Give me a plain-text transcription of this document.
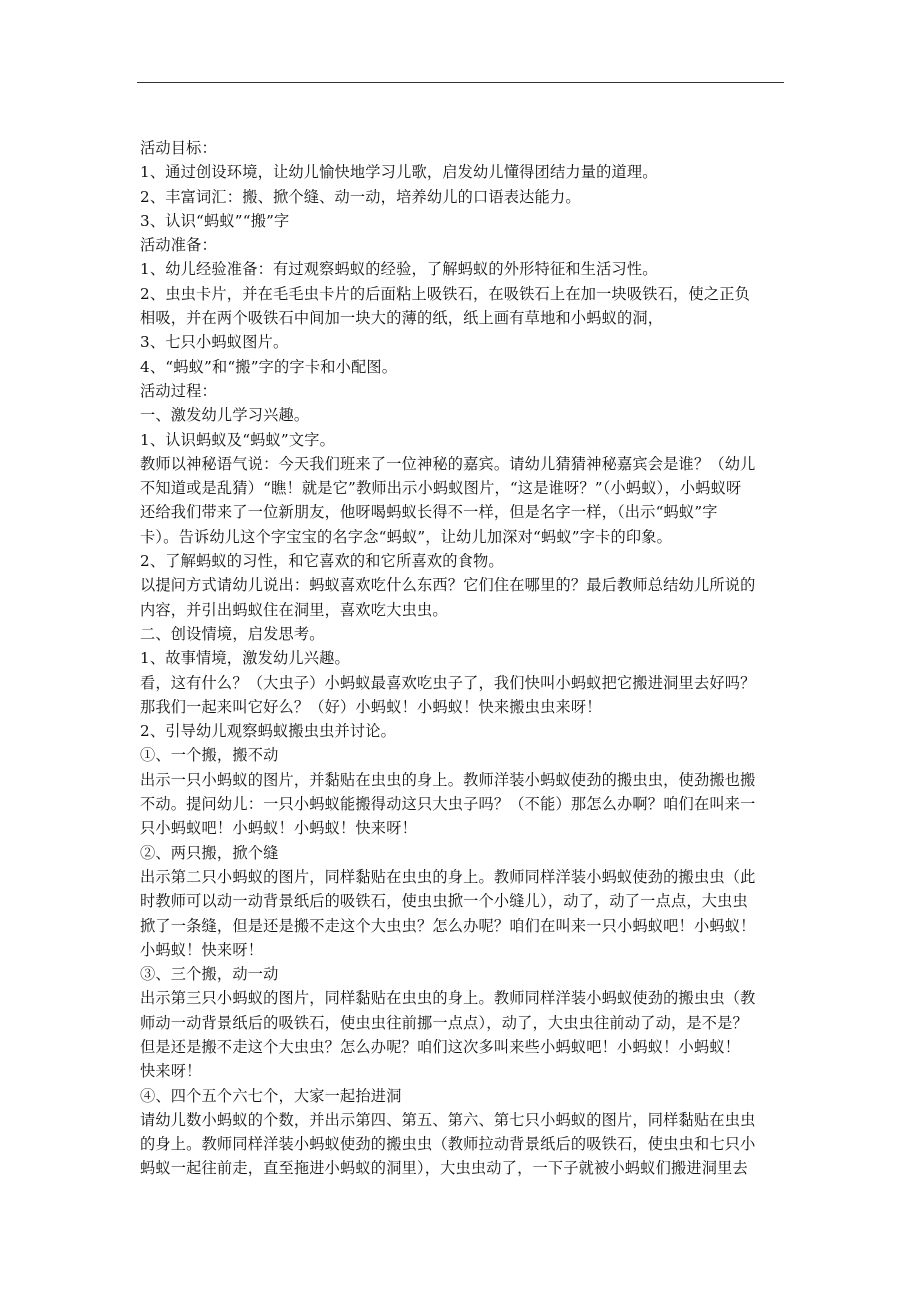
活动目标：

1、通过创设环境，让幼儿愉快地学习儿歌，启发幼儿懂得团结力量的道理。

2、丰富词汇：搬、掀个缝、动一动，培养幼儿的口语表达能力。

3、认识“蚂蚁”“搬”字

活动准备：

1、幼儿经验准备：有过观察蚂蚁的经验，了解蚂蚁的外形特征和生活习性。

2、虫虫卡片，并在毛毛虫卡片的后面粘上吸铁石，在吸铁石上在加一块吸铁石，使之正负

相吸，并在两个吸铁石中间加一块大的薄的纸，纸上画有草地和小蚂蚁的洞，

3、七只小蚂蚁图片。

4、“蚂蚁”和“搬”字的字卡和小配图。

活动过程：

一、激发幼儿学习兴趣。

1、认识蚂蚁及“蚂蚁”文字。

教师以神秘语气说：今天我们班来了一位神秘的嘉宾。请幼儿猜猜神秘嘉宾会是谁？（幼儿

不知道或是乱猜）“瞧！就是它”教师出示小蚂蚁图片，“这是谁呀？”（小蚂蚁），小蚂蚁呀

还给我们带来了一位新朋友，他呀喝蚂蚁长得不一样，但是名字一样，（出示“蚂蚁”字

卡）。告诉幼儿这个字宝宝的名字念“蚂蚁”，让幼儿加深对“蚂蚁”字卡的印象。

2、了解蚂蚁的习性，和它喜欢的和它所喜欢的食物。

以提问方式请幼儿说出：蚂蚁喜欢吃什么东西？它们住在哪里的？最后教师总结幼儿所说的

内容，并引出蚂蚁住在洞里，喜欢吃大虫虫。

二、创设情境，启发思考。

1、故事情境，激发幼儿兴趣。

看，这有什么？（大虫子）小蚂蚁最喜欢吃虫子了，我们快叫小蚂蚁把它搬进洞里去好吗？

那我们一起来叫它好么？（好）小蚂蚁！小蚂蚁！快来搬虫虫来呀！

2、引导幼儿观察蚂蚁搬虫虫并讨论。

①、一个搬，搬不动

出示一只小蚂蚁的图片，并黏贴在虫虫的身上。教师洋装小蚂蚁使劲的搬虫虫，使劲搬也搬

不动。提问幼儿：一只小蚂蚁能搬得动这只大虫子吗？（不能）那怎么办啊？咱们在叫来一

只小蚂蚁吧！小蚂蚁！小蚂蚁！快来呀！

②、两只搬，掀个缝

出示第二只小蚂蚁的图片，同样黏贴在虫虫的身上。教师同样洋装小蚂蚁使劲的搬虫虫（此

时教师可以动一动背景纸后的吸铁石，使虫虫掀一个小缝儿），动了，动了一点点，大虫虫

掀了一条缝，但是还是搬不走这个大虫虫？怎么办呢？咱们在叫来一只小蚂蚁吧！小蚂蚁！

小蚂蚁！快来呀！

③、三个搬，动一动

出示第三只小蚂蚁的图片，同样黏贴在虫虫的身上。教师同样洋装小蚂蚁使劲的搬虫虫（教

师动一动背景纸后的吸铁石，使虫虫往前挪一点点），动了，大虫虫往前动了动，是不是？

但是还是搬不走这个大虫虫？怎么办呢？咱们这次多叫来些小蚂蚁吧！小蚂蚁！小蚂蚁！

快来呀！

④、四个五个六七个，大家一起抬进洞

请幼儿数小蚂蚁的个数，并出示第四、第五、第六、第七只小蚂蚁的图片，同样黏贴在虫虫

的身上。教师同样洋装小蚂蚁使劲的搬虫虫（教师拉动背景纸后的吸铁石，使虫虫和七只小

蚂蚁一起往前走，直至拖进小蚂蚁的洞里），大虫虫动了，一下子就被小蚂蚁们搬进洞里去
